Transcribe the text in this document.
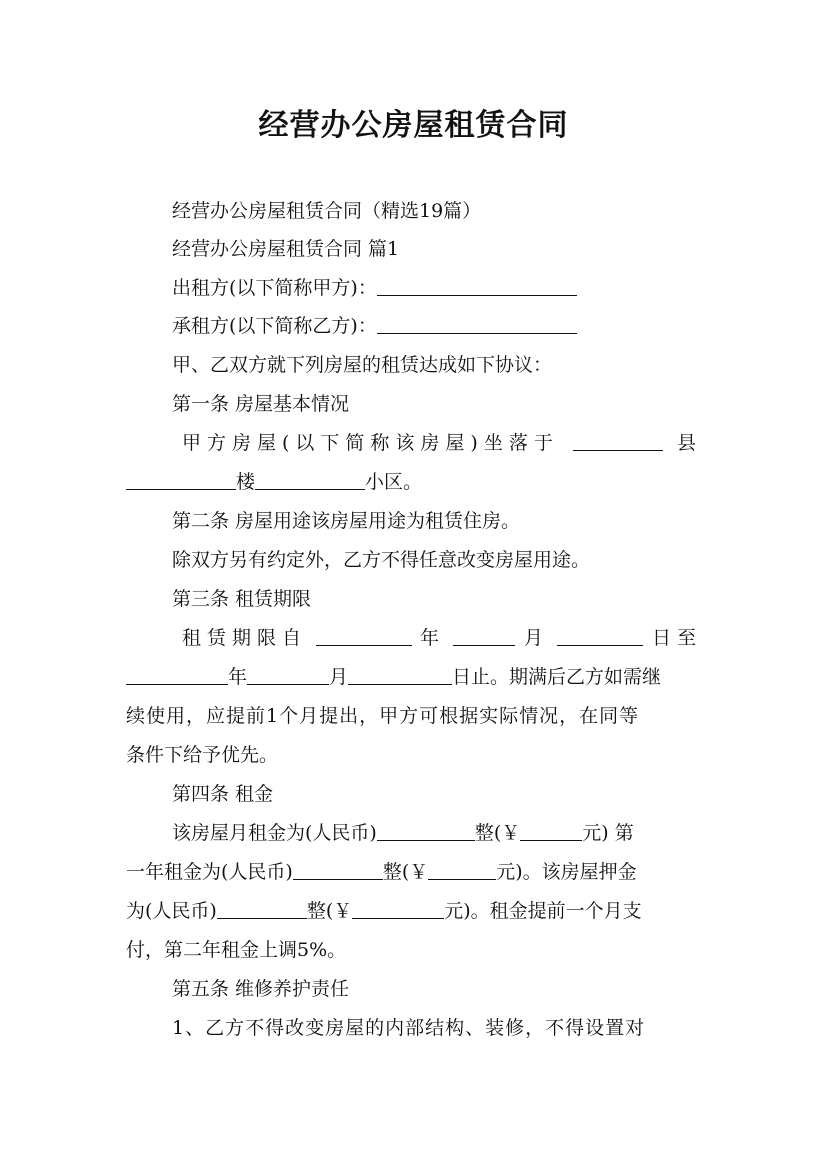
经营办公房屋租赁合同

经营办公房屋租赁合同（精选19篇）

经营办公房屋租赁合同 篇1

出租方(以下简称甲方)：

承租方(以下简称乙方)：

甲、乙双方就下列房屋的租赁达成如下协议：

第一条 房屋基本情况

甲方房屋(以下简称该房屋)坐落于	县

楼	小区。

第二条 房屋用途该房屋用途为租赁住房。

除双方另有约定外，乙方不得任意改变房屋用途。

第三条 租赁期限

租赁期限自	年	月	日至

年	月	日止。期满后乙方如需继

续使用，应提前1个月提出，甲方可根据实际情况，在同等

条件下给予优先。

第四条 租金

该房屋月租金为(人民币)	整(￥	元) 第

一年租金为(人民币)	整(￥	元)。该房屋押金

为(人民币)	整(￥	元)。租金提前一个月支

付，第二年租金上调5%。

第五条 维修养护责任

1、乙方不得改变房屋的内部结构、装修，不得设置对
